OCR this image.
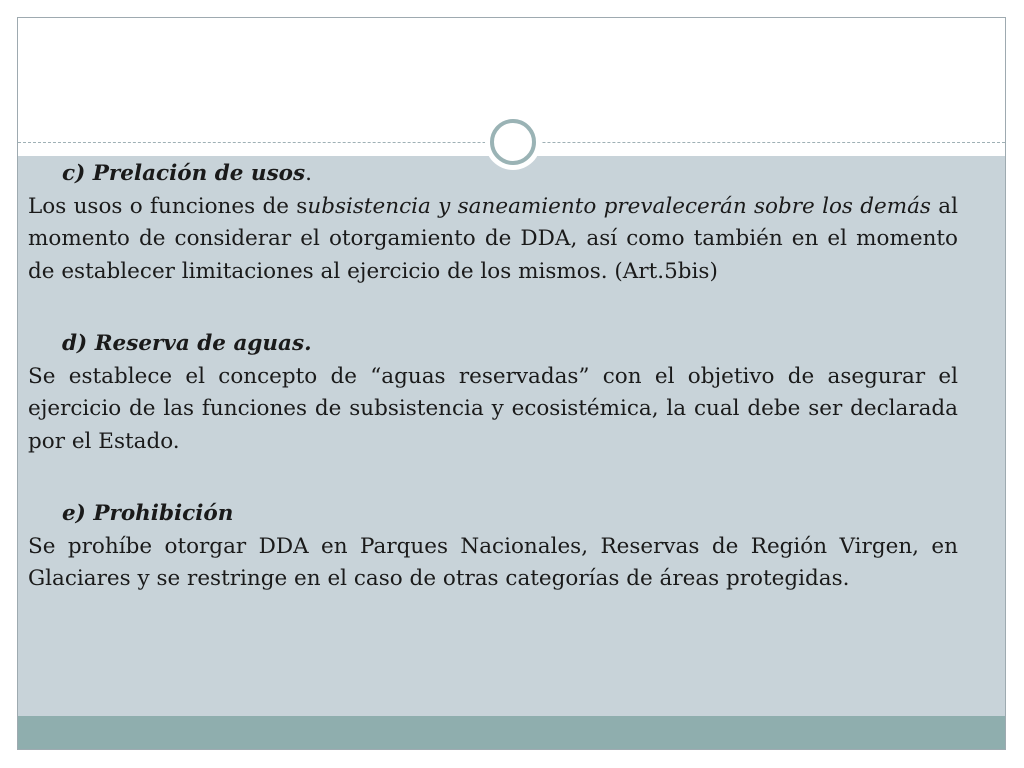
c) Prelación de usos.

Los usos o funciones de subsistencia y saneamiento prevalecerán sobre los demás al momento de considerar el otorgamiento de DDA, así como también en el momento de establecer limitaciones al ejercicio de los mismos. (Art.5bis)

d) Reserva de aguas.

Se establece el concepto de “aguas reservadas” con el objetivo de asegurar el ejercicio de las funciones de subsistencia y ecosistémica, la cual debe ser declarada por el Estado.

e) Prohibición

Se prohíbe otorgar DDA en Parques Nacionales, Reservas de Región Virgen, en Glaciares y se restringe en el caso de otras categorías de áreas protegidas.
